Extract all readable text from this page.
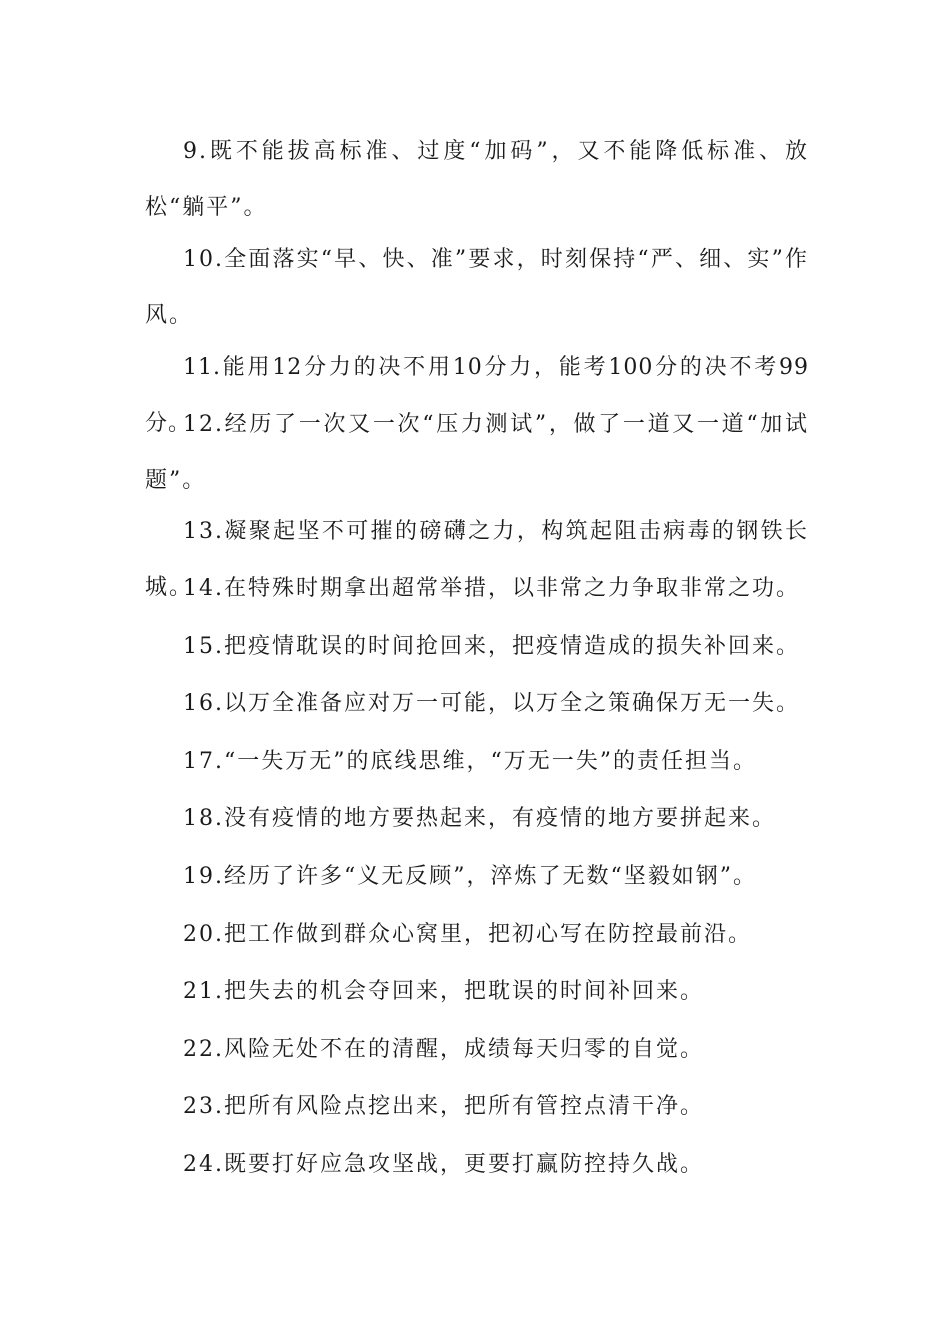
9.既不能拔高标准、过度“加码”，又不能降低标准、放松“躺平”。

10.全面落实“早、快、准”要求，时刻保持“严、细、实”作风。

11.能用12分力的决不用10分力，能考100分的决不考99分。

12.经历了一次又一次“压力测试”，做了一道又一道“加试题”。

13.凝聚起坚不可摧的磅礴之力，构筑起阻击病毒的钢铁长城。

14.在特殊时期拿出超常举措，以非常之力争取非常之功。

15.把疫情耽误的时间抢回来，把疫情造成的损失补回来。

16.以万全准备应对万一可能，以万全之策确保万无一失。

17.“一失万无”的底线思维，“万无一失”的责任担当。

18.没有疫情的地方要热起来，有疫情的地方要拼起来。

19.经历了许多“义无反顾”，淬炼了无数“坚毅如钢”。

20.把工作做到群众心窝里，把初心写在防控最前沿。

21.把失去的机会夺回来，把耽误的时间补回来。

22.风险无处不在的清醒，成绩每天归零的自觉。

23.把所有风险点挖出来，把所有管控点清干净。

24.既要打好应急攻坚战，更要打赢防控持久战。
